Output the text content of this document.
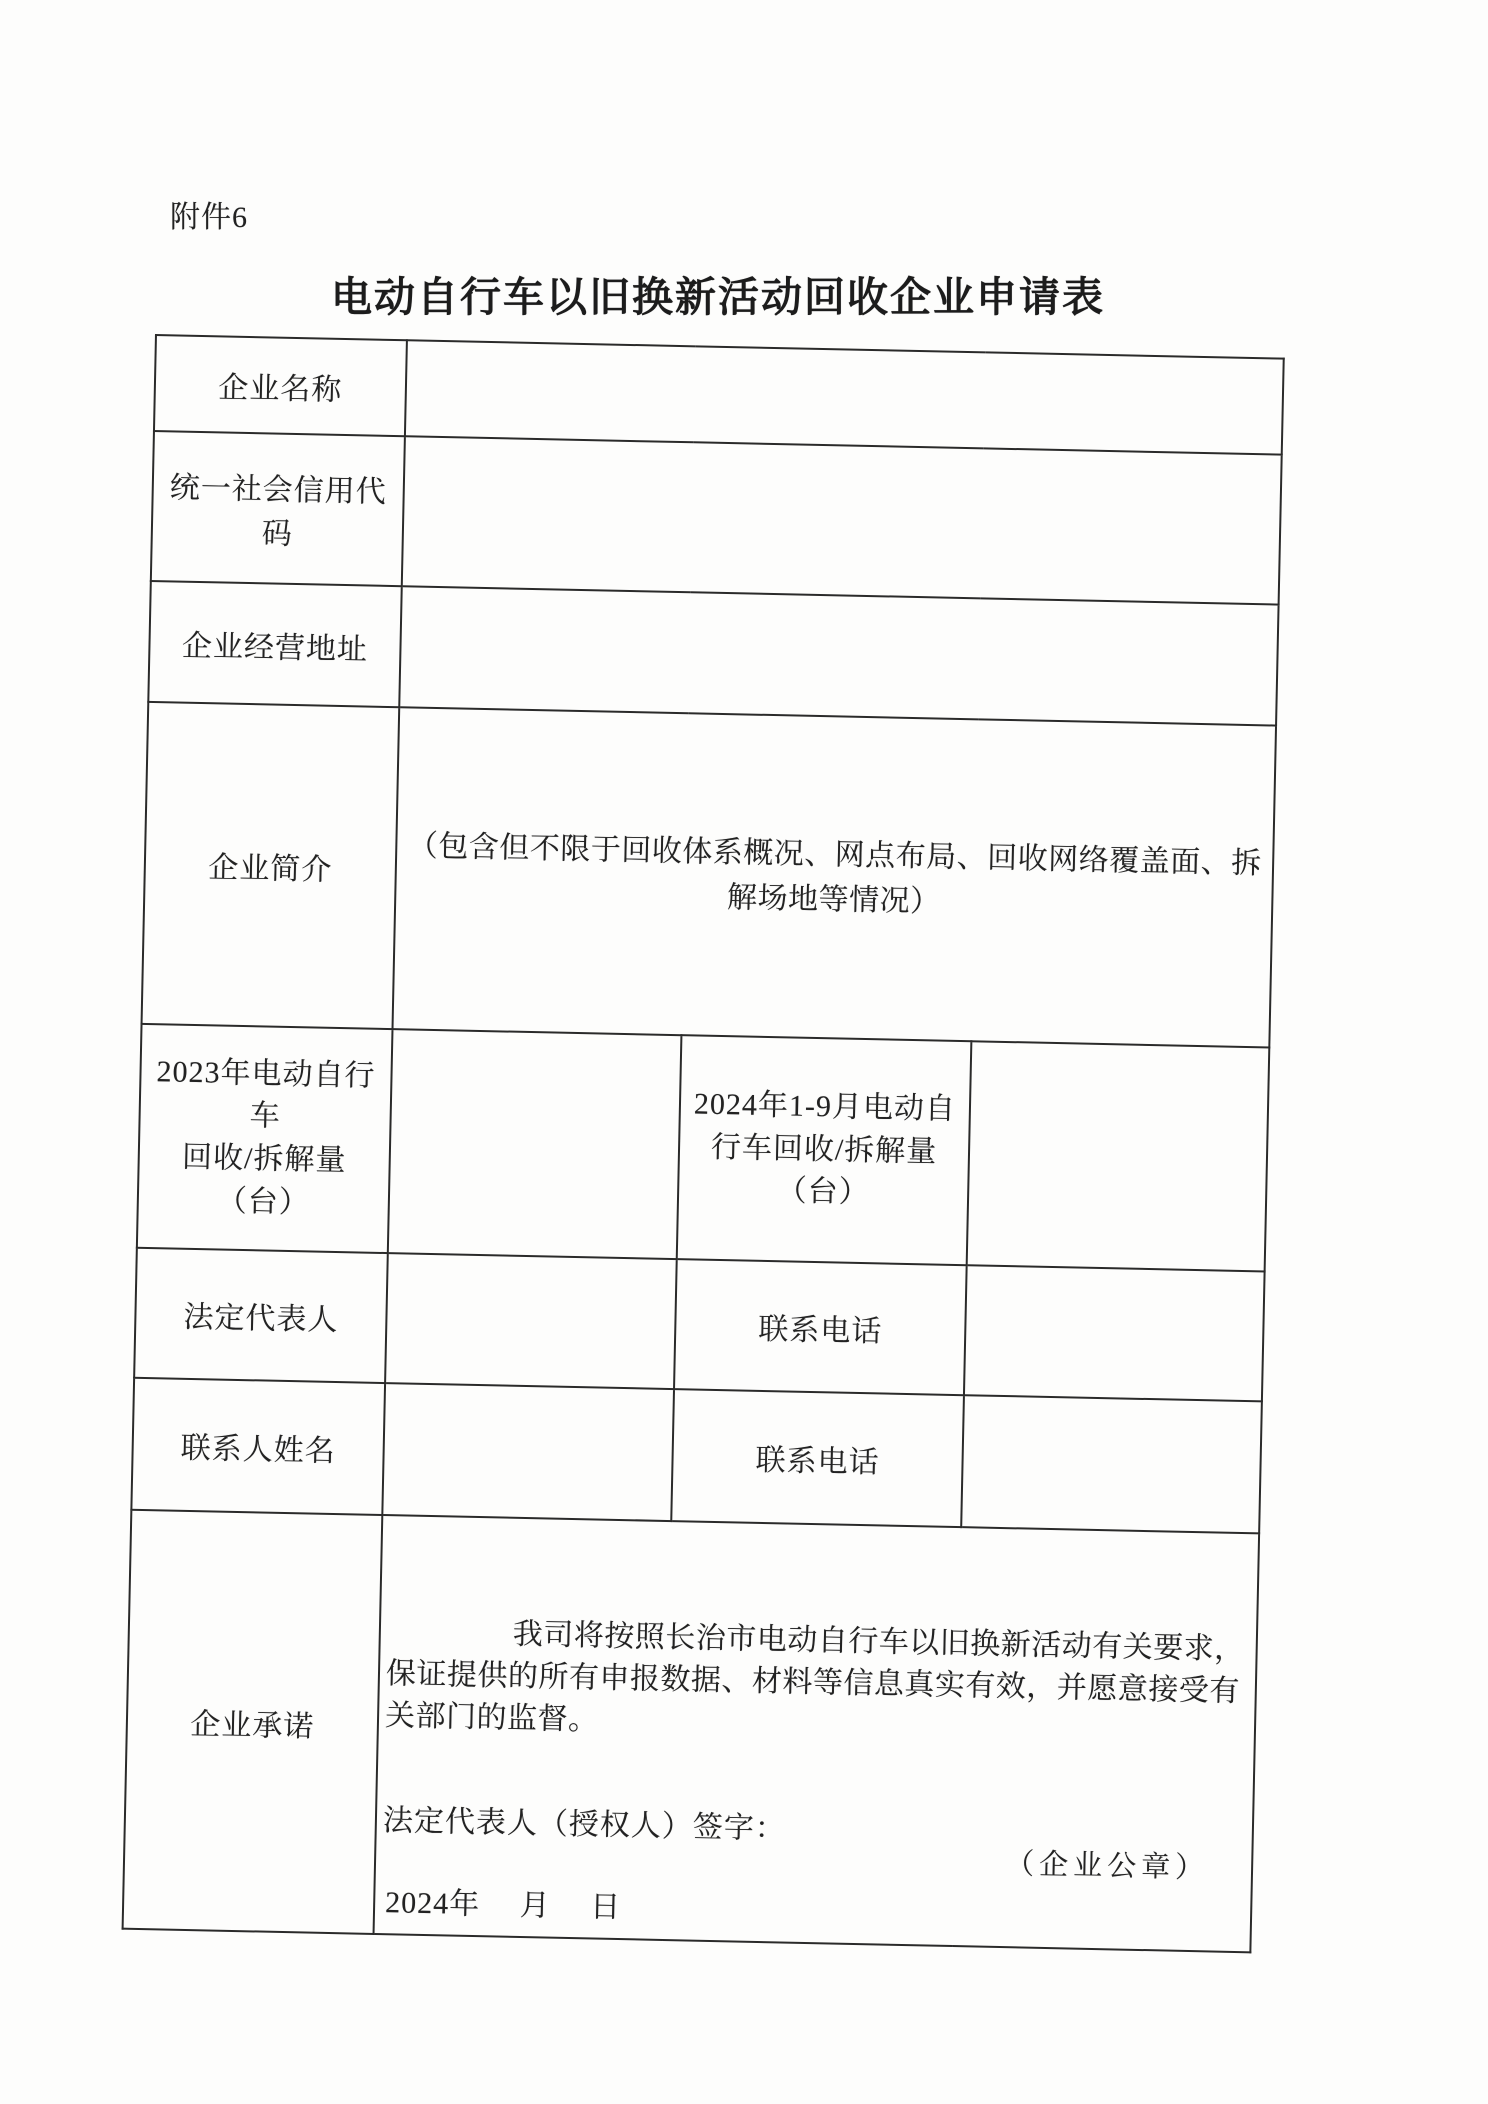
附件6
电动自行车以旧换新活动回收企业申请表
企业名称			
统一社会信用代码			
企业经营地址			
企业简介	（包含但不限于回收体系概况、网点布局、回收网络覆盖面、拆
解场地等情况）		
2023年电动自行车
回收/拆解量
（台）		2024年1-9月电动自
行车回收/拆解量
（台）	
法定代表人		联系电话	
联系人姓名		联系电话	
企业承诺	我司将按照长治市电动自行车以旧换新活动有关要求，保证提供的所有申报数据、材料等信息真实有效，并愿意接受有关部门的监督。
法定代表人（授权人）签字：
（企业公章）
2024年　 月　 日		
